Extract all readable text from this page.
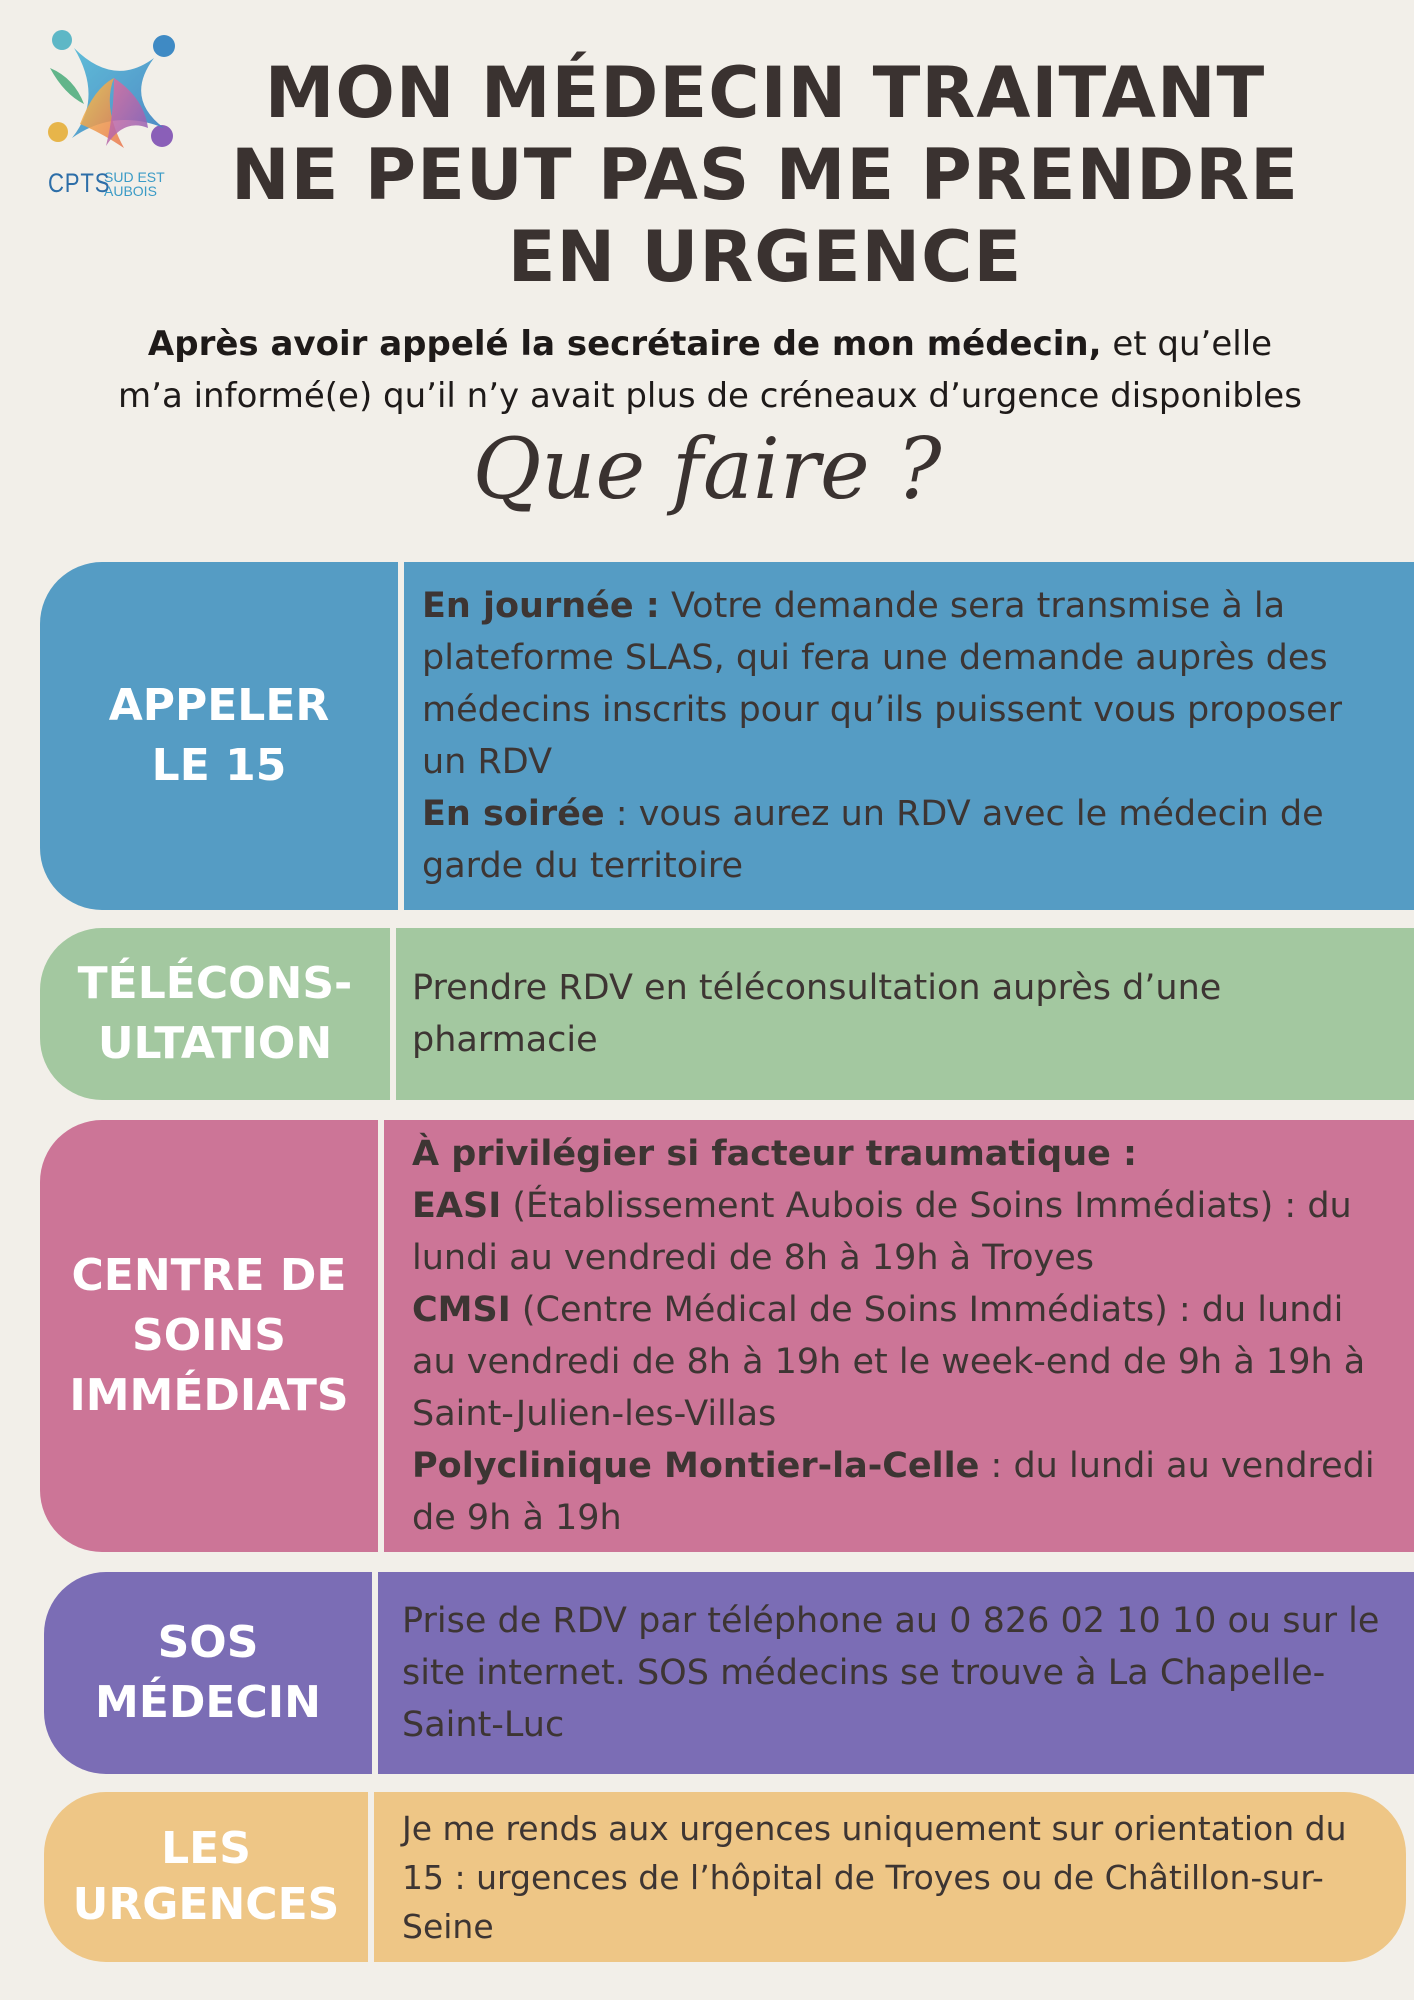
CPTS
SUD EST
AUBOIS
MON MÉDECIN TRAITANT
NE PEUT PAS ME PRENDRE
EN URGENCE
Après avoir appelé la secrétaire de mon médecin, et qu’elle
m’a informé(e) qu’il n’y avait plus de créneaux d’urgence disponibles
Que faire ?
APPELER
LE 15
En journée : Votre demande sera transmise à la plateforme SLAS, qui fera une demande auprès des médecins inscrits pour qu’ils puissent vous proposer un RDV
En soirée : vous aurez un RDV avec le médecin de garde du territoire
TÉLÉCONS-
ULTATION
Prendre RDV en téléconsultation auprès d’une pharmacie
CENTRE DE
SOINS
IMMÉDIATS
À privilégier si facteur traumatique :
EASI (Établissement Aubois de Soins Immédiats) : du lundi au vendredi de 8h à 19h à Troyes
CMSI (Centre Médical de Soins Immédiats) : du lundi au vendredi de 8h à 19h et le week-end de 9h à 19h à Saint-Julien-les-Villas
Polyclinique Montier-la-Celle : du lundi au vendredi de 9h à 19h
SOS
MÉDECIN
Prise de RDV par téléphone au 0 826 02 10 10 ou sur le site internet. SOS médecins se trouve à La Chapelle-Saint-Luc
LES
URGENCES
Je me rends aux urgences uniquement sur orientation du 15 : urgences de l’hôpital de Troyes ou de Châtillon-sur-Seine
